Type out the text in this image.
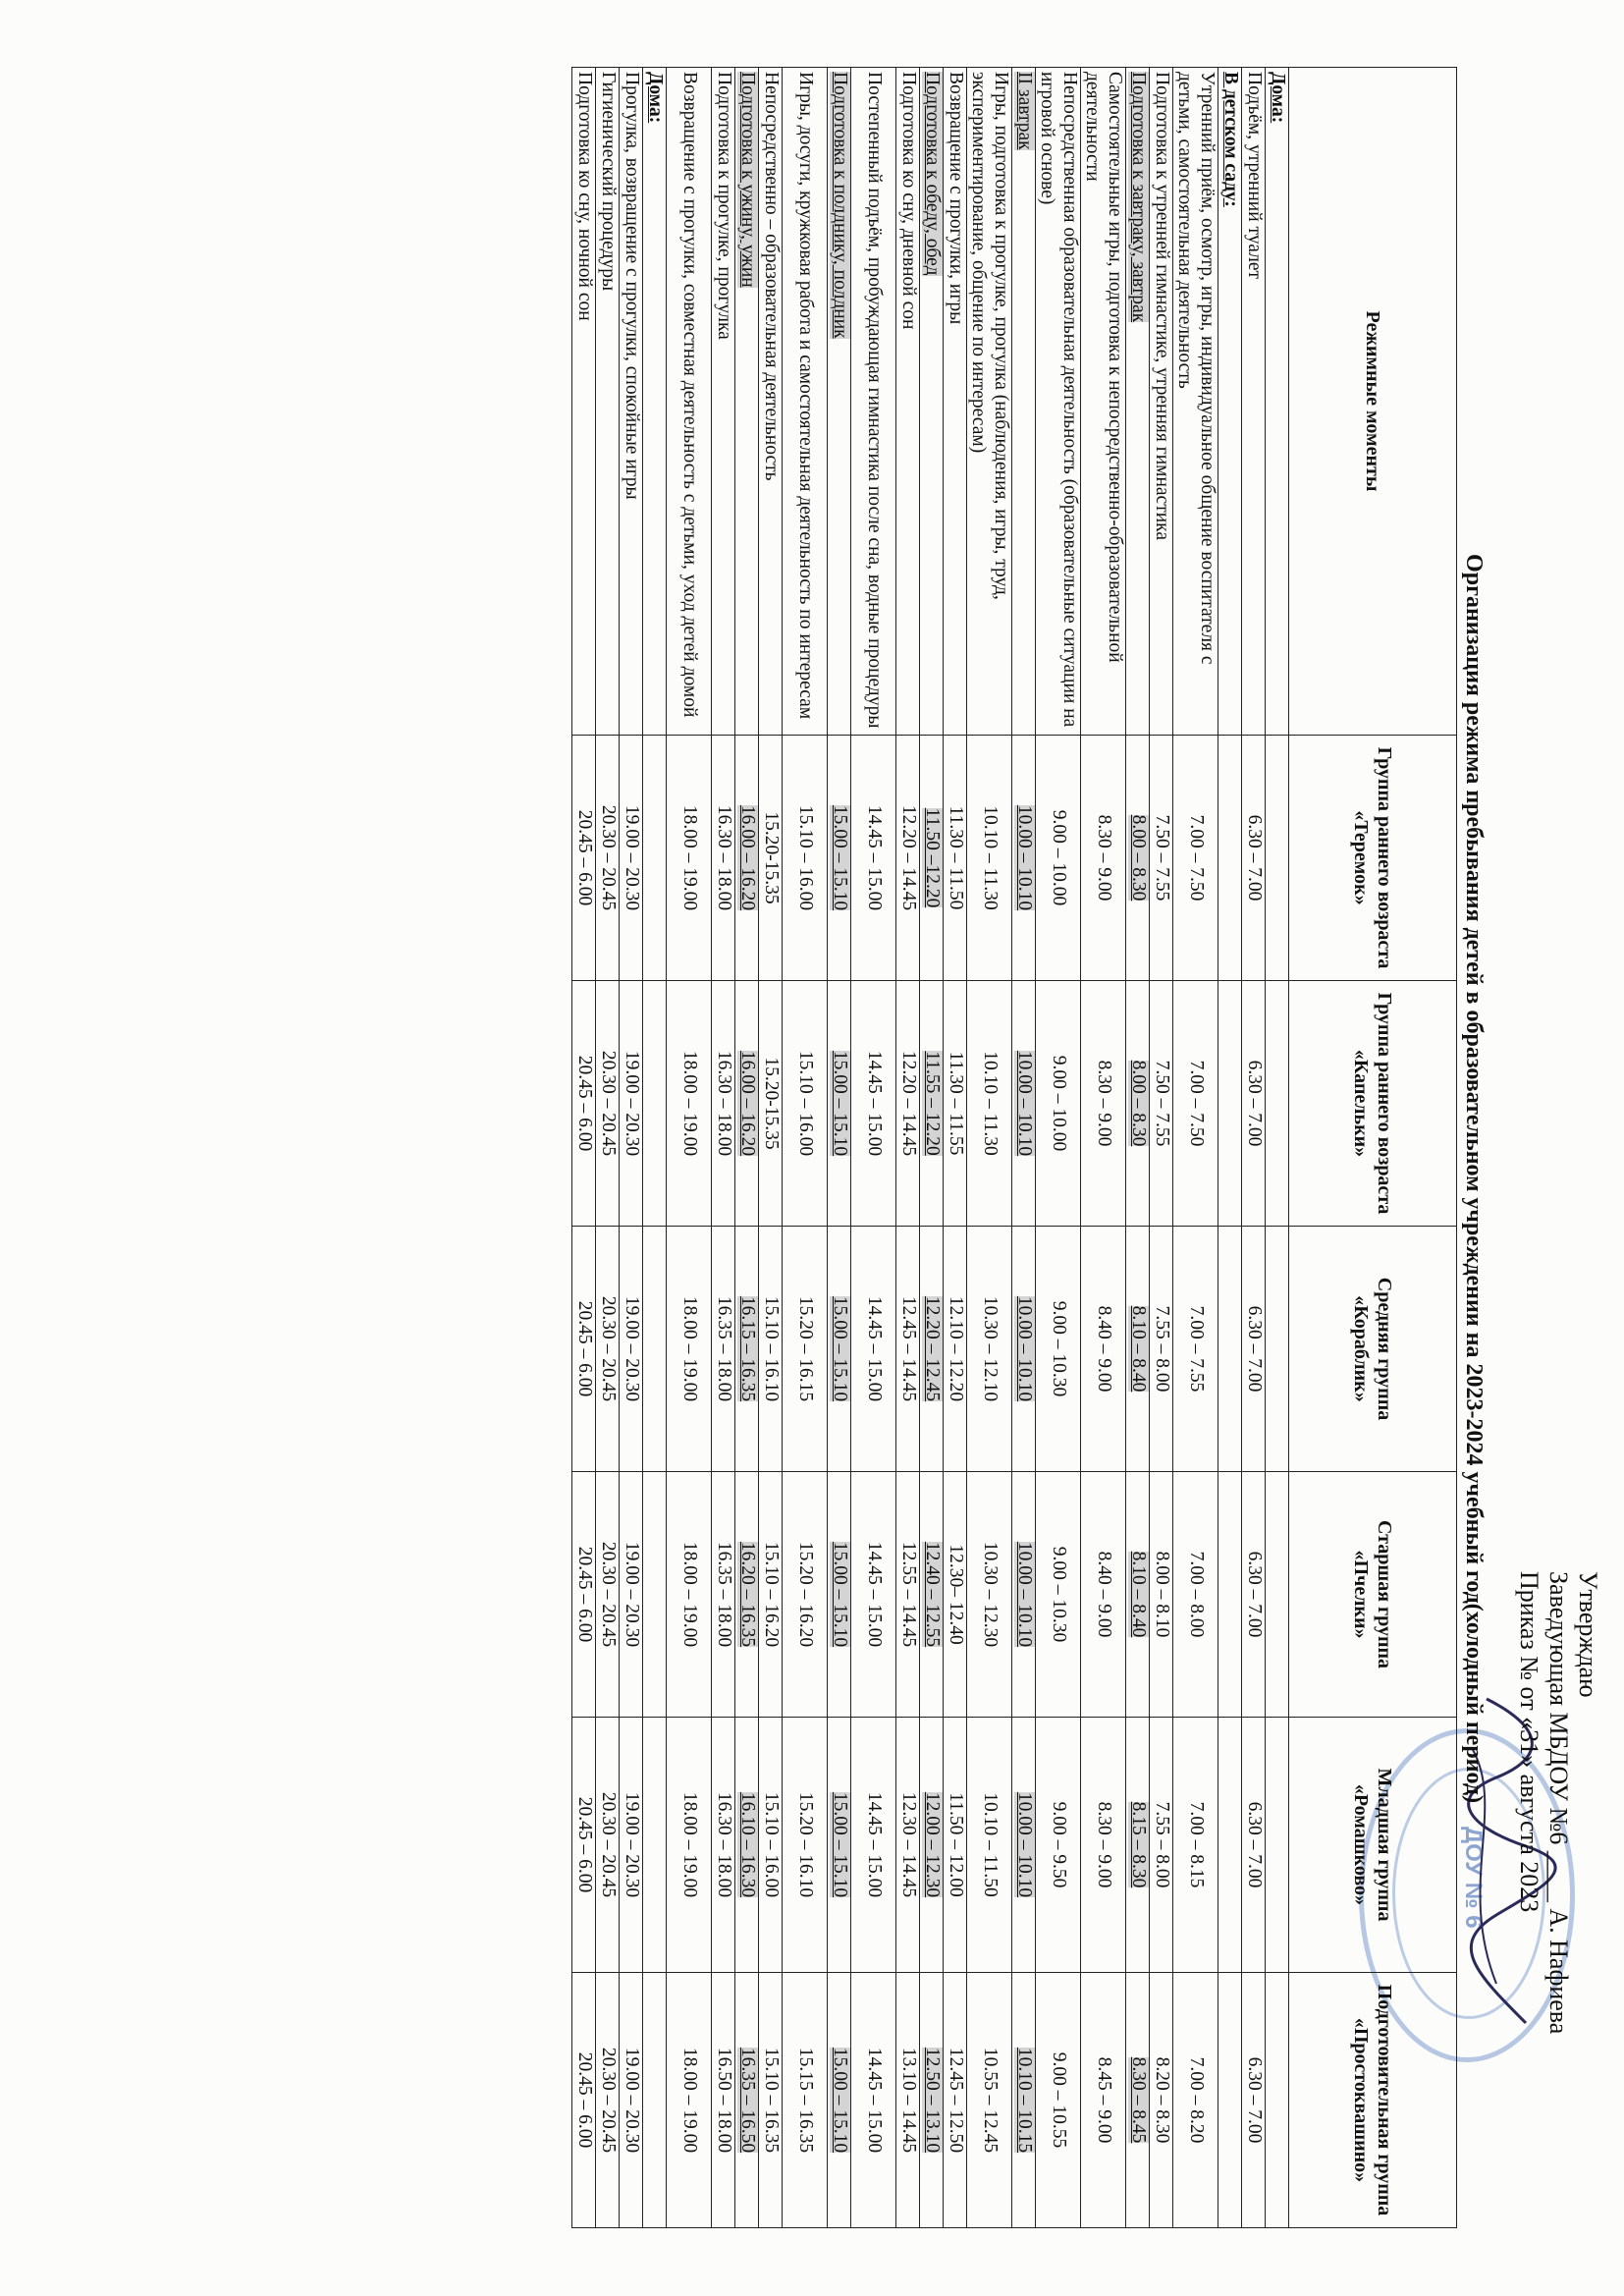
ДОУ № 6
Утверждаю
Заведующая МБДОУ №6 ____ А. Нафиева
Приказ № от «31» августа 2023
Организация режима пребывания детей в образовательном учреждении на 2023-2024 учебный год(холодный период)
Режимные моменты	Группа раннего возраста «Теремок»	Группа раннего возраста «Капельки»	Средняя группа «Кораблик»	Старшая группа «Пчелки»	Младшая группа «Ромашково»	Подготовительная группа «Простоквашино»
Дома:						
Подъём, утренний туалет	6.30 – 7.00	6.30 – 7.00	6.30 – 7.00	6.30 – 7.00	6.30 – 7.00	6.30 – 7.00
В детском саду:						
Утренний приём, осмотр, игры, индивидуальное общение воспитателя с детьми, самостоятельная деятельность	7.00 – 7.50	7.00 – 7.50	7.00 – 7.55	7.00 – 8.00	7.00 – 8.15	7.00 – 8.20
Подготовка к утренней гимнастике, утренняя гимнастика	7.50 – 7.55	7.50 – 7.55	7.55 – 8.00	8.00 – 8.10	7.55 – 8.00	8.20 – 8.30
Подготовка к завтраку, завтрак	8.00 – 8.30	8.00 – 8.30	8.10 – 8.40	8.10 – 8.40	8.15 – 8.30	8.30 – 8.45
Самостоятельные игры, подготовка к непосредственно-образовательной деятельности	8.30 – 9.00	8.30 – 9.00	8.40 – 9.00	8.40 – 9.00	8.30 – 9.00	8.45 – 9.00
Непосредственная образовательная деятельность (образовательные ситуации на игровой основе)	9.00 – 10.00	9.00 – 10.00	9.00 – 10.30	9.00 – 10.30	9.00 – 9.50	9.00 – 10.55
II завтрак	10.00 – 10.10	10.00 – 10.10	10.00 – 10.10	10.00 – 10.10	10.00 – 10.10	10.10 – 10.15
Игры, подготовка к прогулке, прогулка (наблюдения, игры, труд, экспериментирование, общение по интересам)	10.10 – 11.30	10.10 – 11.30	10.30 – 12.10	10.30 – 12.30	10.10 – 11.50	10.55 – 12.45
Возвращение с прогулки, игры	11.30 – 11.50	11.30 – 11.55	12.10 – 12.20	12.30– 12.40	11.50 – 12.00	12.45 – 12.50
Подготовка к обеду, обед	11.50 –12.20	11.55 – 12.20	12.20 – 12.45	12.40 – 12.55	12.00 – 12.30	12.50 – 13.10
Подготовка ко сну, дневной сон	12.20 – 14.45	12.20 – 14.45	12.45 – 14.45	12.55 – 14.45	12.30 – 14.45	13.10 – 14.45
Постепенный подъём, пробуждающая гимнастика после сна, водные процедуры	14.45 – 15.00	14.45 – 15.00	14.45 – 15.00	14.45 – 15.00	14.45 – 15.00	14.45 – 15.00
Подготовка к полднику, полдник	15.00 – 15.10	15.00 – 15.10	15.00 – 15.10	15.00 – 15.10	15.00 – 15.10	15.00 – 15.10
Игры, досуги, кружковая работа и самостоятельная деятельность по интересам	15.10 – 16.00	15.10 – 16.00	15.20 – 16.15	15.20 – 16.20	15.20 – 16.10	15.15 – 16.35
Непосредственно – образовательная деятельность	15.20-15.35	15.20-15.35	15.10 – 16.10	15.10 – 16.20	15.10 – 16.00	15.10 – 16.35
Подготовка к ужину, ужин	16.00 – 16.20	16.00 – 16.20	16.15 – 16.35	16.20 – 16.35	16.10 – 16.30	16.35 – 16.50
Подготовка к прогулке, прогулка	16.30 – 18.00	16.30 – 18.00	16.35 – 18.00	16.35 – 18.00	16.30 – 18.00	16.50 – 18.00
Возвращение с прогулки, совместная деятельность с детьми, уход детей домой	18.00 – 19.00	18.00 – 19.00	18.00 – 19.00	18.00 – 19.00	18.00 – 19.00	18.00 – 19.00
Дома:						
Прогулка, возвращение с прогулки, спокойные игры	19.00 – 20.30	19.00 – 20.30	19.00 – 20.30	19.00 – 20.30	19.00 – 20.30	19.00 – 20.30
Гигиенический процедуры	20.30 – 20.45	20.30 – 20.45	20.30 – 20.45	20.30 – 20.45	20.30 – 20.45	20.30 – 20.45
Подготовка ко сну, ночной сон	20.45 – 6.00	20.45 – 6.00	20.45 – 6.00	20.45 – 6.00	20.45 – 6.00	20.45 – 6.00
